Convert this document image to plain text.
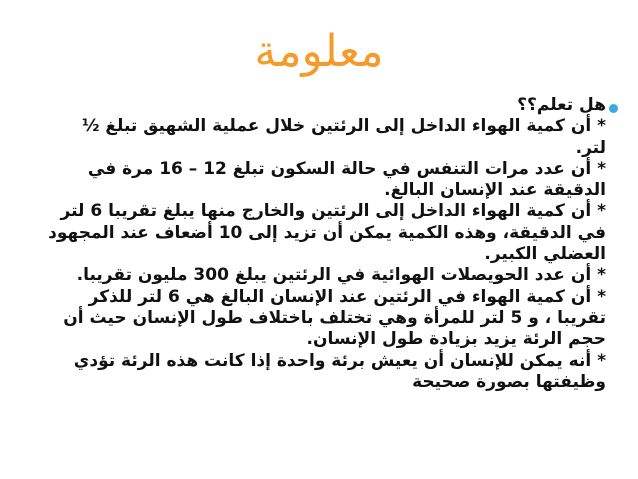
معلومة
هل تعلم؟؟
* أن كمية الهواء الداخل إلى الرئتين خلال عملية الشهيق تبلغ ½
لتر.
* أن عدد مرات التنفس في حالة السكون تبلغ 12 – 16 مرة في
الدقيقة عند الإنسان البالغ.
* أن كمية الهواء الداخل إلى الرئتين والخارج منها يبلغ تقريبا 6 لتر
في الدقيقة، وهذه الكمية يمكن أن تزيد إلى 10 أضعاف عند المجهود
العضلي الكبير.
* أن عدد الحويصلات الهوائية في الرئتين يبلغ 300 مليون تقريبا.
* أن كمية الهواء في الرئتين عند الإنسان البالغ هي 6 لتر للذكر
تقريبا ، و 5 لتر للمرأة وهي تختلف باختلاف طول الإنسان حيث أن
حجم الرئة يزيد بزيادة طول الإنسان.
* أنه يمكن للإنسان أن يعيش برئة واحدة إذا كانت هذه الرئة تؤدي
وظيفتها بصورة صحيحة
